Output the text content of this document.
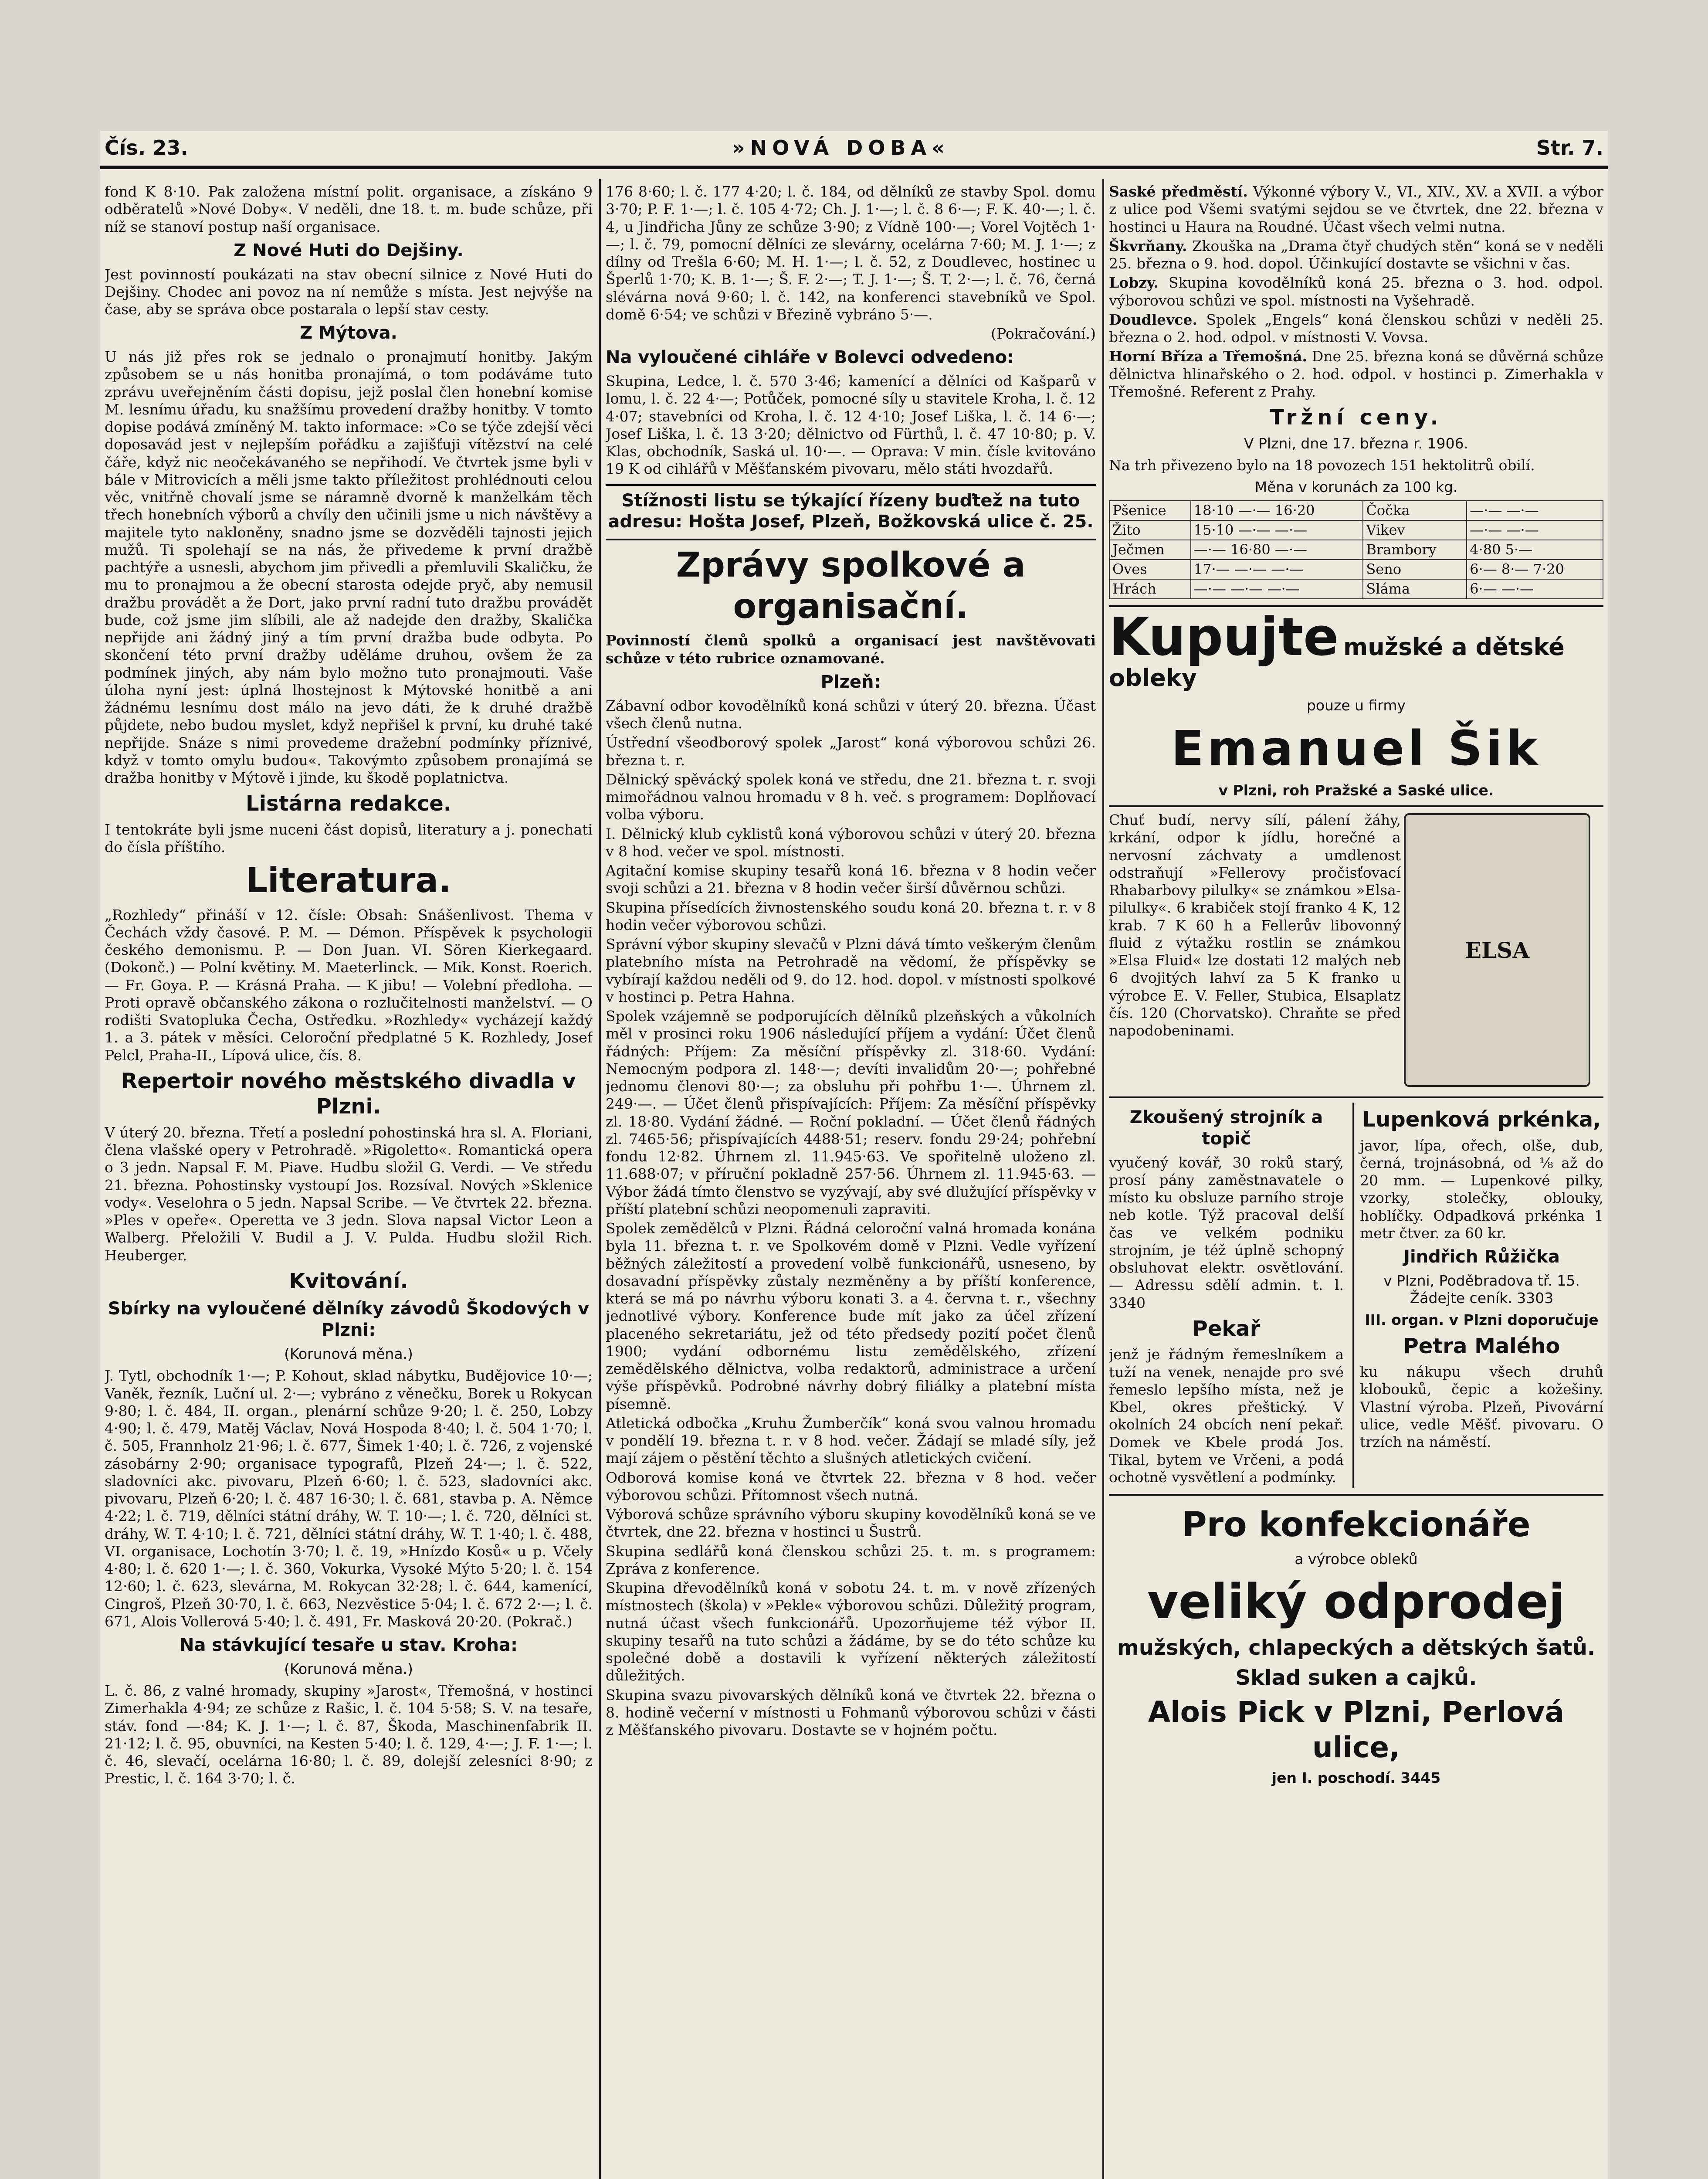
Čís. 23.	»NOVÁ DOBA«	Str. 7.

fond K 8·10. Pak založena místní polit. organisace, a získáno 9 odběratelů »Nové Doby«. V neděli, dne 18. t. m. bude schůze, při níž se stanoví postup naší organisace.

Z Nové Huti do Dejšiny.

Jest povinností poukázati na stav obecní silnice z Nové Huti do Dejšiny. Chodec ani povoz na ní nemůže s místa. Jest nejvýše na čase, aby se správa obce postarala o lepší stav cesty.

Z Mýtova.

U nás již přes rok se jednalo o pronajmutí honitby. Jakým způsobem se u nás honitba pronajímá, o tom podáváme tuto zprávu uveřejněním části dopisu, jejž poslal člen honební komise M. lesnímu úřadu, ku snažšímu provedení dražby honitby. V tomto dopise podává zmíněný M. takto informace: »Co se týče zdejší věci doposavád jest v nejlepším pořádku a zajišťuji vítězství na celé čáře, když nic neočekávaného se nepřihodí. Ve čtvrtek jsme byli v bále v Mitrovicích a měli jsme takto příležitost prohlédnouti celou věc, vnitřně chovalí jsme se náramně dvorně k manželkám těch třech honebních výborů a chvíly den učinili jsme u nich návštěvy a majitele tyto nakloněny, snadno jsme se dozvěděli tajnosti jejich mužů. Ti spolehají se na nás, že přivedeme k první dražbě pachtýře a usnesli, abychom jim přivedli a přemluvili Skaličku, že mu to pronajmou a že obecní starosta odejde pryč, aby nemusil dražbu provádět a že Dort, jako první radní tuto dražbu provádět bude, což jsme jim slíbili, ale až nadejde den dražby, Skalička nepřijde ani žádný jiný a tím první dražba bude odbyta. Po skončení této první dražby uděláme druhou, ovšem že za podmínek jiných, aby nám bylo možno tuto pronajmouti. Vaše úloha nyní jest: úplná lhostejnost k Mýtovské honitbě a ani žádnému lesnímu dost málo na jevo dáti, že k druhé dražbě půjdete, nebo budou myslet, když nepřišel k první, ku druhé také nepřijde. Snáze s nimi provedeme dražební podmínky příznivé, když v tomto omylu budou«. Takovýmto způsobem pronajímá se dražba honitby v Mýtově i jinde, ku škodě poplatnictva.

Listárna redakce.

I tentokráte byli jsme nuceni část dopisů, literatury a j. ponechati do čísla příštího.

Literatura.

„Rozhledy“ přináší v 12. čísle: Obsah: Snášenlivost. Thema v Čechách vždy časové. P. M. — Démon. Příspěvek k psychologii českého demonismu. P. — Don Juan. VI. Sören Kierkegaard. (Dokonč.) — Polní květiny. M. Maeterlinck. — Mik. Konst. Roerich. — Fr. Goya. P. — Krásná Praha. — K jibu! — Volební předloha. — Proti opravě občanského zákona o rozlučitelnosti manželství. — O rodišti Svatopluka Čecha, Ostředku. »Rozhledy« vycházejí každý 1. a 3. pátek v měsíci. Celoroční předplatné 5 K. Rozhledy, Josef Pelcl, Praha-II., Lípová ulice, čís. 8.

Repertoir nového městského divadla v Plzni.

V úterý 20. března. Třetí a poslední pohostinská hra sl. A. Floriani, člena vlašské opery v Petrohradě. »Rigoletto«. Romantická opera o 3 jedn. Napsal F. M. Piave. Hudbu složil G. Verdi. — Ve středu 21. března. Pohostinsky vystoupí Jos. Rozsíval. Nových »Sklenice vody«. Veselohra o 5 jedn. Napsal Scribe. — Ve čtvrtek 22. března. »Ples v opeře«. Operetta ve 3 jedn. Slova napsal Victor Leon a Walberg. Přeložili V. Budil a J. V. Pulda. Hudbu složil Rich. Heuberger.

Kvitování.
Sbírky na vyloučené dělníky závodů Škodových v Plzni:
(Korunová měna.)

J. Tytl, obchodník 1·—; P. Kohout, sklad nábytku, Budějovice 10·—; Vaněk, řezník, Luční ul. 2·—; vybráno z věnečku, Borek u Rokycan 9·80; l. č. 484, II. organ., plenární schůze 9·20; l. č. 250, Lobzy 4·90; l. č. 479, Matěj Václav, Nová Hospoda 8·40; l. č. 504 1·70; l. č. 505, Frannholz 21·96; l. č. 677, Šimek 1·40; l. č. 726, z vojenské zásobárny 2·90; organisace typografů, Plzeň 24·—; l. č. 522, sladovníci akc. pivovaru, Plzeň 6·60; l. č. 523, sladovníci akc. pivovaru, Plzeň 6·20; l. č. 487 16·30; l. č. 681, stavba p. A. Němce 4·22; l. č. 719, dělníci státní dráhy, W. T. 10·—; l. č. 720, dělníci st. dráhy, W. T. 4·10; l. č. 721, dělníci státní dráhy, W. T. 1·40; l. č. 488, VI. organisace, Lochotín 3·70; l. č. 19, »Hnízdo Kosů« u p. Včely 4·80; l. č. 620 1·—; l. č. 360, Vokurka, Vysoké Mýto 5·20; l. č. 154 12·60; l. č. 623, slevárna, M. Rokycan 32·28; l. č. 644, kamenící, Cingroš, Plzeň 30·70, l. č. 663, Nezvěstice 5·04; l. č. 672 2·—; l. č. 671, Alois Vollerová 5·40; l. č. 491, Fr. Masková 20·20. (Pokrač.)

Na stávkující tesaře u stav. Kroha:
(Korunová měna.)

L. č. 86, z valné hromady, skupiny »Jarost«, Třemošná, v hostinci Zimerhakla 4·94; ze schůze z Rašic, l. č. 104 5·58; S. V. na tesaře, stáv. fond —·84; K. J. 1·—; l. č. 87, Škoda, Maschinenfabrik II. 21·12; l. č. 95, obuvníci, na Kesten 5·40; l. č. 129, 4·—; J. F. 1·—; l. č. 46, slevačí, ocelárna 16·80; l. č. 89, dolejší zelesníci 8·90; z Prestic, l. č. 164 3·70; l. č.

176 8·60; l. č. 177 4·20; l. č. 184, od dělníků ze stavby Spol. domu 3·70; P. F. 1·—; l. č. 105 4·72; Ch. J. 1·—; l. č. 8 6·—; F. K. 40·—; l. č. 4, u Jindřicha Jůny ze schůze 3·90; z Vídně 100·—; Vorel Vojtěch 1·—; l. č. 79, pomocní dělníci ze slevárny, ocelárna 7·60; M. J. 1·—; z dílny od Trešla 6·60; M. H. 1·—; l. č. 52, z Doudlevec, hostinec u Šperlů 1·70; K. B. 1·—; Š. F. 2·—; T. J. 1·—; Š. T. 2·—; l. č. 76, černá slévárna nová 9·60; l. č. 142, na konferenci stavebníků ve Spol. domě 6·54; ve schůzi v Březině vybráno 5·—.

(Pokračování.)

Na vyloučené cihláře v Bolevci odvedeno:

Skupina, Ledce, l. č. 570 3·46; kamenící a dělníci od Kašparů v lomu, l. č. 22 4·—; Potůček, pomocné síly u stavitele Kroha, l. č. 12 4·07; stavebníci od Kroha, l. č. 12 4·10; Josef Liška, l. č. 14 6·—; Josef Liška, l. č. 13 3·20; dělnictvo od Fürthů, l. č. 47 10·80; p. V. Klas, obchodník, Saská ul. 10·—. — Oprava: V min. čísle kvitováno 19 K od cihlářů v Měšťanském pivovaru, mělo státi hvozdařů.

Stížnosti listu se týkající řízeny buďtež na tuto adresu: Hošta Josef, Plzeň, Božkovská ulice č. 25.
Zprávy spolkové a organisační.

Povinností členů spolků a organisací jest navštěvovati schůze v této rubrice oznamované.

Plzeň:

Zábavní odbor kovodělníků koná schůzi v úterý 20. března. Účast všech členů nutna.

Ústřední všeodborový spolek „Jarost“ koná výborovou schůzi 26. března t. r.

Dělnický spěvácký spolek koná ve středu, dne 21. března t. r. svoji mimořádnou valnou hromadu v 8 h. več. s programem: Doplňovací volba výboru.

I. Dělnický klub cyklistů koná výborovou schůzi v úterý 20. března v 8 hod. večer ve spol. místnosti.

Agitační komise skupiny tesařů koná 16. března v 8 hodin večer svoji schůzi a 21. března v 8 hodin večer širší důvěrnou schůzi.

Skupina přísedících živnostenského soudu koná 20. března t. r. v 8 hodin večer výborovou schůzi.

Správní výbor skupiny slevačů v Plzni dává tímto veškerým členům platebního místa na Petrohradě na vědomí, že příspěvky se vybírají každou neděli od 9. do 12. hod. dopol. v místnosti spolkové v hostinci p. Petra Hahna.

Spolek vzájemně se podporujících dělníků plzeňských a vůkolních měl v prosinci roku 1906 následující příjem a vydání: Účet členů řádných: Příjem: Za měsíční příspěvky zl. 318·60. Vydání: Nemocným podpora zl. 148·—; devíti invalidům 20·—; pohřebné jednomu členovi 80·—; za obsluhu při pohřbu 1·—. Úhrnem zl. 249·—. — Účet členů přispívajících: Příjem: Za měsíční příspěvky zl. 18·80. Vydání žádné. — Roční pokladní. — Účet členů řádných zl. 7465·56; přispívajících 4488·51; reserv. fondu 29·24; pohřební fondu 12·82. Úhrnem zl. 11.945·63. Ve spořitelně uloženo zl. 11.688·07; v příruční pokladně 257·56. Úhrnem zl. 11.945·63. — Výbor žádá tímto členstvo se vyzývají, aby své dlužující příspěvky v příští platební schůzi neopomenuli zapraviti.

Spolek zemědělců v Plzni. Řádná celoroční valná hromada konána byla 11. března t. r. ve Spolkovém domě v Plzni. Vedle vyřízení běžných záležitostí a provedení volbě funkcionářů, usneseno, by dosavadní příspěvky zůstaly nezměněny a by příští konference, která se má po návrhu výboru konati 3. a 4. června t. r., všechny jednotlivé výbory. Konference bude mít jako za účel zřízení placeného sekretariátu, jež od této předsedy pozití počet členů 1900; vydání odbornému listu zemědělského, zřízení zemědělského dělnictva, volba redaktorů, administrace a určení výše příspěvků. Podrobné návrhy dobrý filiálky a platební místa písemně.

Atletická odbočka „Kruhu Žumberčík“ koná svou valnou hromadu v pondělí 19. března t. r. v 8 hod. večer. Žádají se mladé síly, jež mají zájem o pěstění těchto a slušných atletických cvičení.

Odborová komise koná ve čtvrtek 22. března v 8 hod. večer výborovou schůzi. Přítomnost všech nutná.

Výborová schůze správního výboru skupiny kovodělníků koná se ve čtvrtek, dne 22. března v hostinci u Šustrů.

Skupina sedlářů koná členskou schůzi 25. t. m. s programem: Zpráva z konference.

Skupina dřevodělníků koná v sobotu 24. t. m. v nově zřízených místnostech (škola) v »Pekle« výborovou schůzi. Důležitý program, nutná účast všech funkcionářů. Upozorňujeme též výbor II. skupiny tesařů na tuto schůzi a žádáme, by se do této schůze ku společné době a dostavili k vyřízení některých záležitostí důležitých.

Skupina svazu pivovarských dělníků koná ve čtvrtek 22. března o 8. hodině večerní v místnosti u Fohmanů výborovou schůzi v části z Měšťanského pivovaru. Dostavte se v hojném počtu.

Saské předměstí. Výkonné výbory V., VI., XIV., XV. a XVII. a výbor z ulice pod Všemi svatými sejdou se ve čtvrtek, dne 22. března v hostinci u Haura na Roudné. Účast všech velmi nutna.

Škvrňany. Zkouška na „Drama čtyř chudých stěn“ koná se v neděli 25. března o 9. hod. dopol. Účinkující dostavte se všichni v čas.

Lobzy. Skupina kovodělníků koná 25. března o 3. hod. odpol. výborovou schůzi ve spol. místnosti na Vyšehradě.

Doudlevce. Spolek „Engels“ koná členskou schůzi v neděli 25. března o 2. hod. odpol. v místnosti V. Vovsa.

Horní Bříza a Třemošná. Dne 25. března koná se důvěrná schůze dělnictva hlinařského o 2. hod. odpol. v hostinci p. Zimerhakla v Třemošné. Referent z Prahy.

Tržní ceny.
V Plzni, dne 17. března r. 1906.

Na trh přivezeno bylo na 18 povozech 151 hektolitrů obilí.

Měna v korunách za 100 kg.
Pšenice	18·10 —·— 16·20	Čočka	—·— —·—
Žito	15·10 —·— —·—	Vikev	—·— —·—
Ječmen	—·— 16·80 —·—	Brambory	4·80 5·—
Oves	17·— —·— —·—	Seno	6·— 8·— 7·20
Hrách	—·— —·— —·—	Sláma	6·— —·—
Kupujte mužské a dětské obleky
pouze u firmy
Emanuel Šik
v Plzni, roh Pražské a Saské ulice.
ELSA

Chuť budí, nervy sílí, pálení žáhy, krkání, odpor k jídlu, horečné a nervosní záchvaty a umdlenost odstraňují »Fellerovy pročisťovací Rhabarbovy pilulky« se známkou »Elsa-pilulky«. 6 krabiček stojí franko 4 K, 12 krab. 7 K 60 h a Fellerův libovonný fluid z výtažku rostlin se známkou »Elsa Fluid« lze dostati 12 malých neb 6 dvojitých lahví za 5 K franko u výrobce E. V. Feller, Stubica, Elsaplatz čís. 120 (Chorvatsko). Chraňte se před napodobeninami.

Zkoušený strojník a topič

vyučený kovář, 30 roků starý, prosí pány zaměstnavatele o místo ku obsluze parního stroje neb kotle. Týž pracoval delší čas ve velkém podniku strojním, je též úplně schopný obsluhovat elektr. osvětlování. — Adressu sdělí admin. t. l. 3340

Pekař

jenž je řádným řemeslníkem a tuží na venek, nenajde pro své řemeslo lepšího místa, než je Kbel, okres přeštický. V okolních 24 obcích není pekař. Domek ve Kbele prodá Jos. Tikal, bytem ve Vrčeni, a podá ochotně vysvětlení a podmínky.

Lupenková prkénka,

javor, lípa, ořech, olše, dub, černá, trojnásobná, od ⅛ až do 20 mm. — Lupenkové pilky, vzorky, stolečky, oblouky, hoblíčky. Odpadková prkénka 1 metr čtver. za 60 kr.

Jindřich Růžička
v Plzni, Poděbradova tř. 15. Žádejte ceník. 3303
III. organ. v Plzni doporučuje
Petra Malého

ku nákupu všech druhů klobouků, čepic a kožešiny. Vlastní výroba. Plzeň, Pivovární ulice, vedle Měšť. pivovaru. O trzích na náměstí.

Pro konfekcionáře
a výrobce obleků
veliký odprodej
mužských, chlapeckých a dětských šatů.
Sklad suken a cajků.
Alois Pick v Plzni, Perlová ulice,
jen I. poschodí. 3445
